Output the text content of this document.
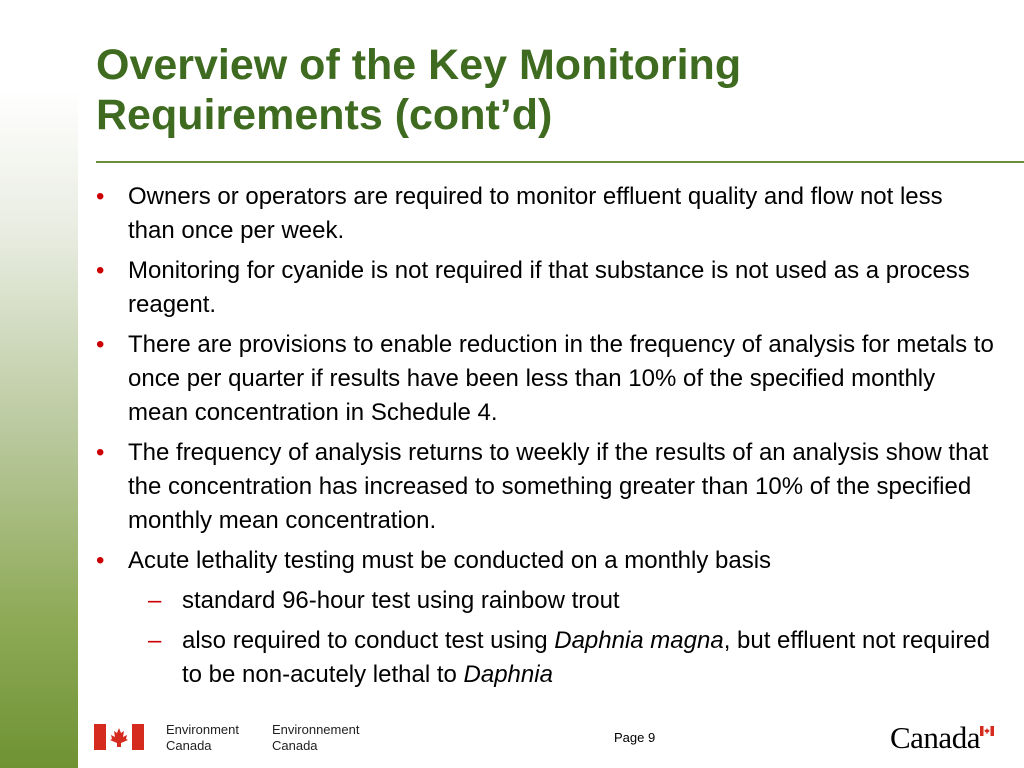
Overview of the Key Monitoring
Requirements (cont’d)
• Owners or operators are required to monitor effluent quality and flow not less than once per week.
• Monitoring for cyanide is not required if that substance is not used as a process reagent.
• There are provisions to enable reduction in the frequency of analysis for metals to once per quarter if results have been less than 10% of the specified monthly mean concentration in Schedule 4.
• The frequency of analysis returns to weekly if the results of an analysis show that the concentration has increased to something greater than 10% of the specified monthly mean concentration.
• Acute lethality testing must be conducted on a monthly basis
– standard 96-hour test using rainbow trout
– also required to conduct test using Daphnia magna, but effluent not required to be non-acutely lethal to Daphnia
Environment
Canada
Environnement
Canada
Page 9	Canada
